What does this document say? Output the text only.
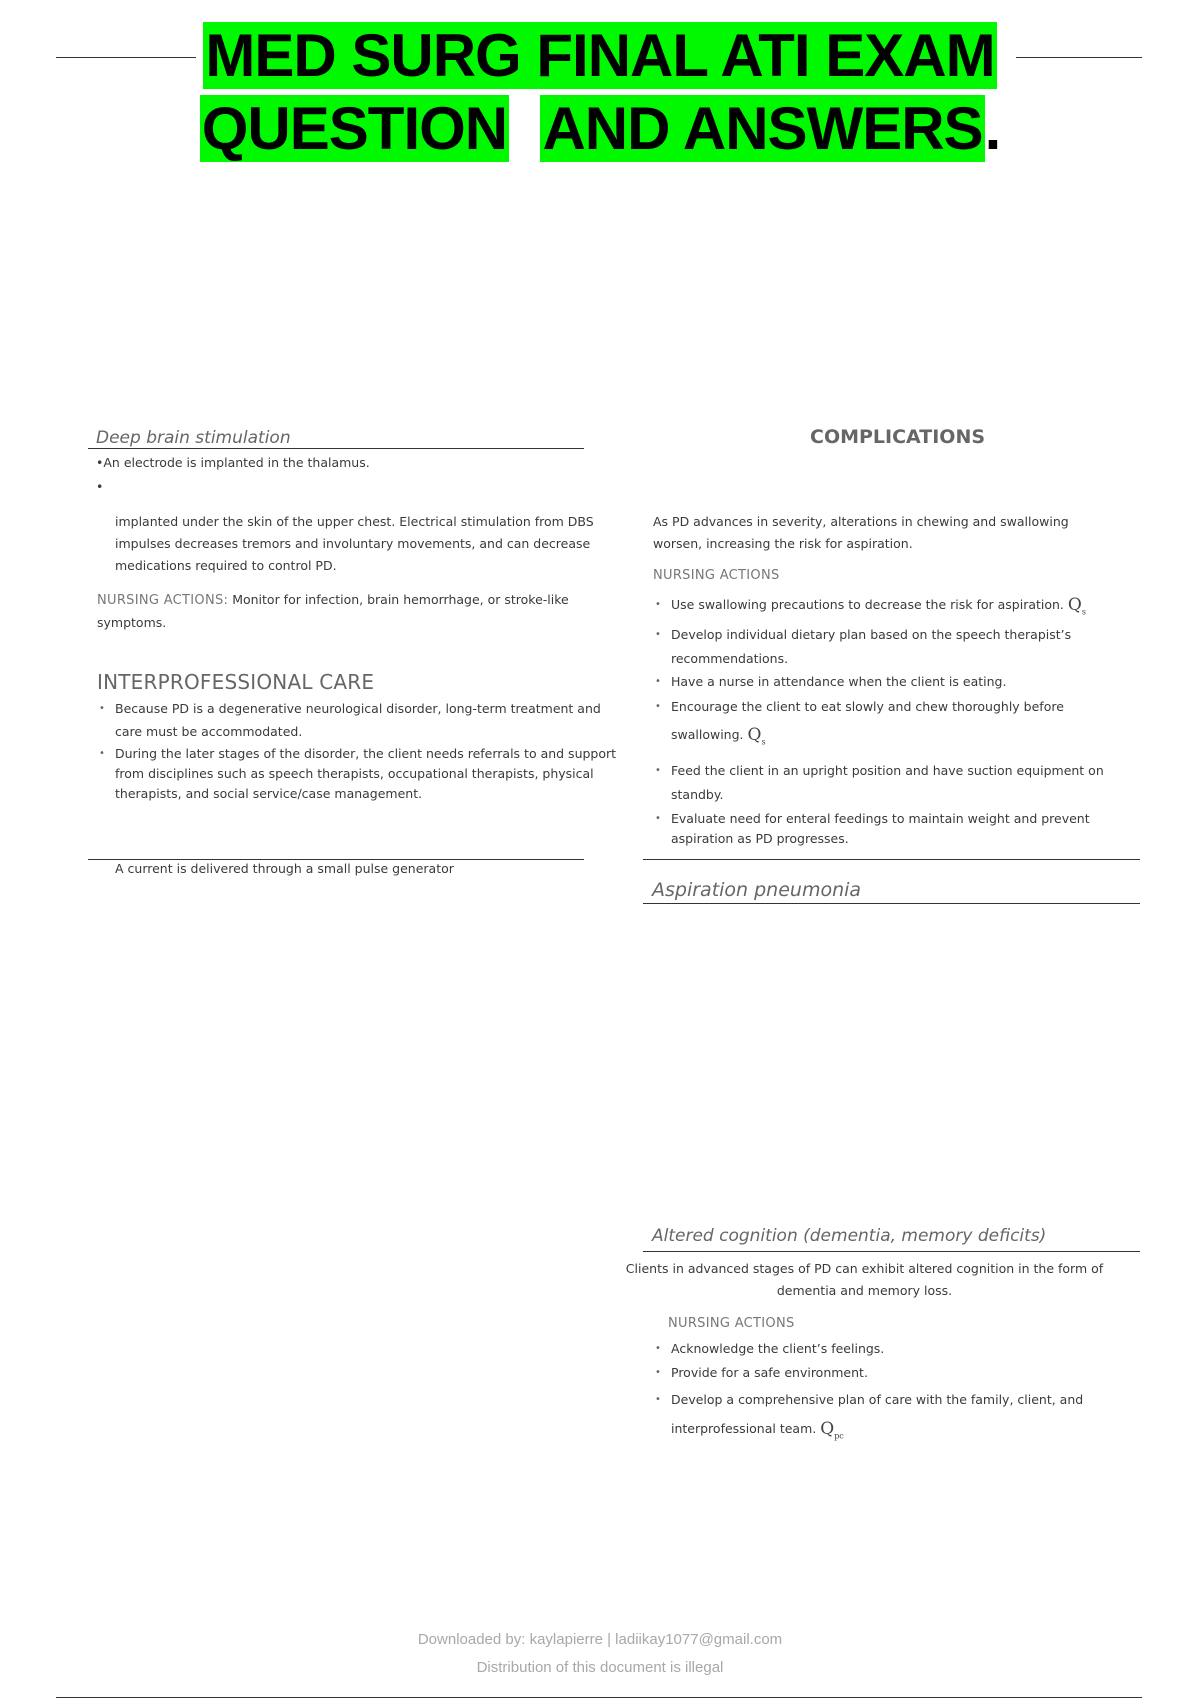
MED SURG FINAL ATI EXAM
QUESTION AND ANSWERS.
Deep brain stimulation
•An electrode is implanted in the thalamus.
•
implanted under the skin of the upper chest. Electrical stimulation from DBS impulses decreases tremors and involuntary movements, and can decrease medications required to control PD.
NURSING ACTIONS: Monitor for infection, brain hemorrhage, or stroke-like symptoms.
INTERPROFESSIONAL CARE
• Because PD is a degenerative neurological disorder, long-term treatment and care must be accommodated.
• During the later stages of the disorder, the client needs referrals to and support from disciplines such as speech therapists, occupational therapists, physical therapists, and social service/case management.
A current is delivered through a small pulse generator
COMPLICATIONS
As PD advances in severity, alterations in chewing and swallowing worsen, increasing the risk for aspiration.
NURSING ACTIONS
• Use swallowing precautions to decrease the risk for aspiration. $Q_s$
• Develop individual dietary plan based on the speech therapist’s recommendations.
• Have a nurse in attendance when the client is eating.
• Encourage the client to eat slowly and chew thoroughly before swallowing. $Q_s$
• Feed the client in an upright position and have suction equipment on standby.
• Evaluate need for enteral feedings to maintain weight and prevent aspiration as PD progresses.
Aspiration pneumonia
Altered cognition (dementia, memory deficits)
Clients in advanced stages of PD can exhibit altered cognition in the form of dementia and memory loss.
NURSING ACTIONS
• Acknowledge the client’s feelings.
• Provide for a safe environment.
• Develop a comprehensive plan of care with the family, client, and interprofessional team. $Q_{pc}$
Downloaded by: kaylapierre | ladiikay1077@gmail.com
Distribution of this document is illegal
